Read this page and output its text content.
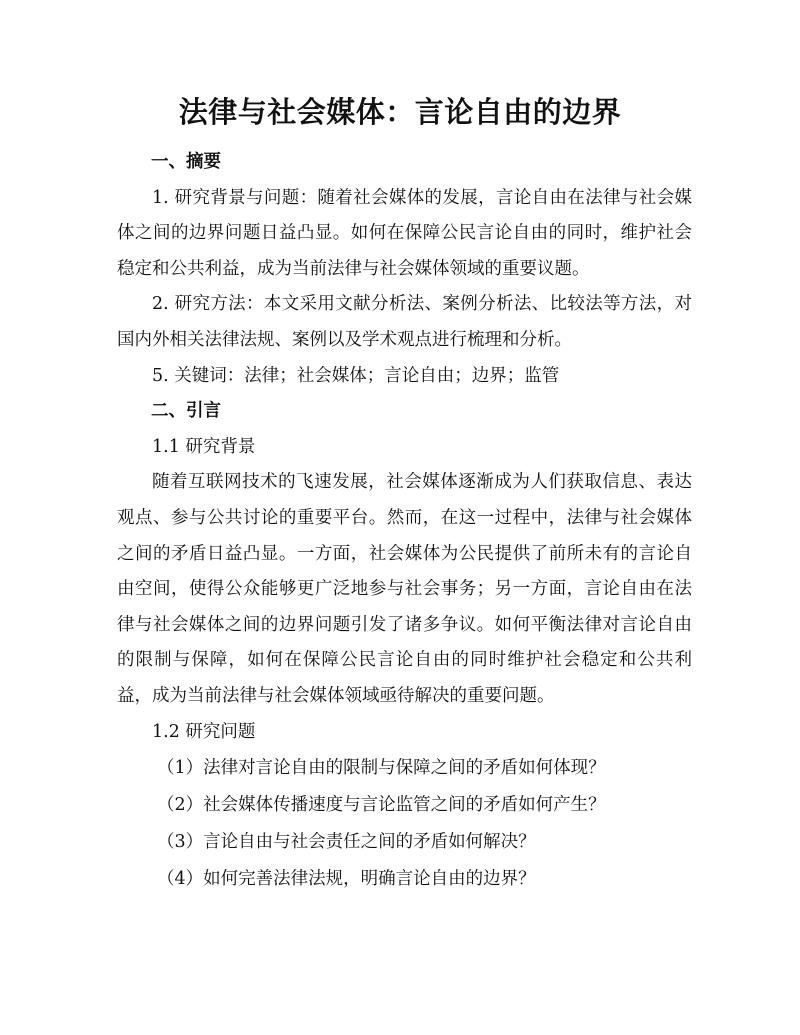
法律与社会媒体：言论自由的边界

一、摘要

1. 研究背景与问题：随着社会媒体的发展，言论自由在法律与社会媒体之间的边界问题日益凸显。如何在保障公民言论自由的同时，维护社会稳定和公共利益，成为当前法律与社会媒体领域的重要议题。

2. 研究方法：本文采用文献分析法、案例分析法、比较法等方法，对国内外相关法律法规、案例以及学术观点进行梳理和分析。

5. 关键词：法律；社会媒体；言论自由；边界；监管

二、引言

1.1 研究背景

随着互联网技术的飞速发展，社会媒体逐渐成为人们获取信息、表达观点、参与公共讨论的重要平台。然而，在这一过程中，法律与社会媒体之间的矛盾日益凸显。一方面，社会媒体为公民提供了前所未有的言论自由空间，使得公众能够更广泛地参与社会事务；另一方面，言论自由在法律与社会媒体之间的边界问题引发了诸多争议。如何平衡法律对言论自由的限制与保障，如何在保障公民言论自由的同时维护社会稳定和公共利益，成为当前法律与社会媒体领域亟待解决的重要问题。

1.2 研究问题

（1）法律对言论自由的限制与保障之间的矛盾如何体现？

（2）社会媒体传播速度与言论监管之间的矛盾如何产生？

（3）言论自由与社会责任之间的矛盾如何解决？

（4）如何完善法律法规，明确言论自由的边界？
